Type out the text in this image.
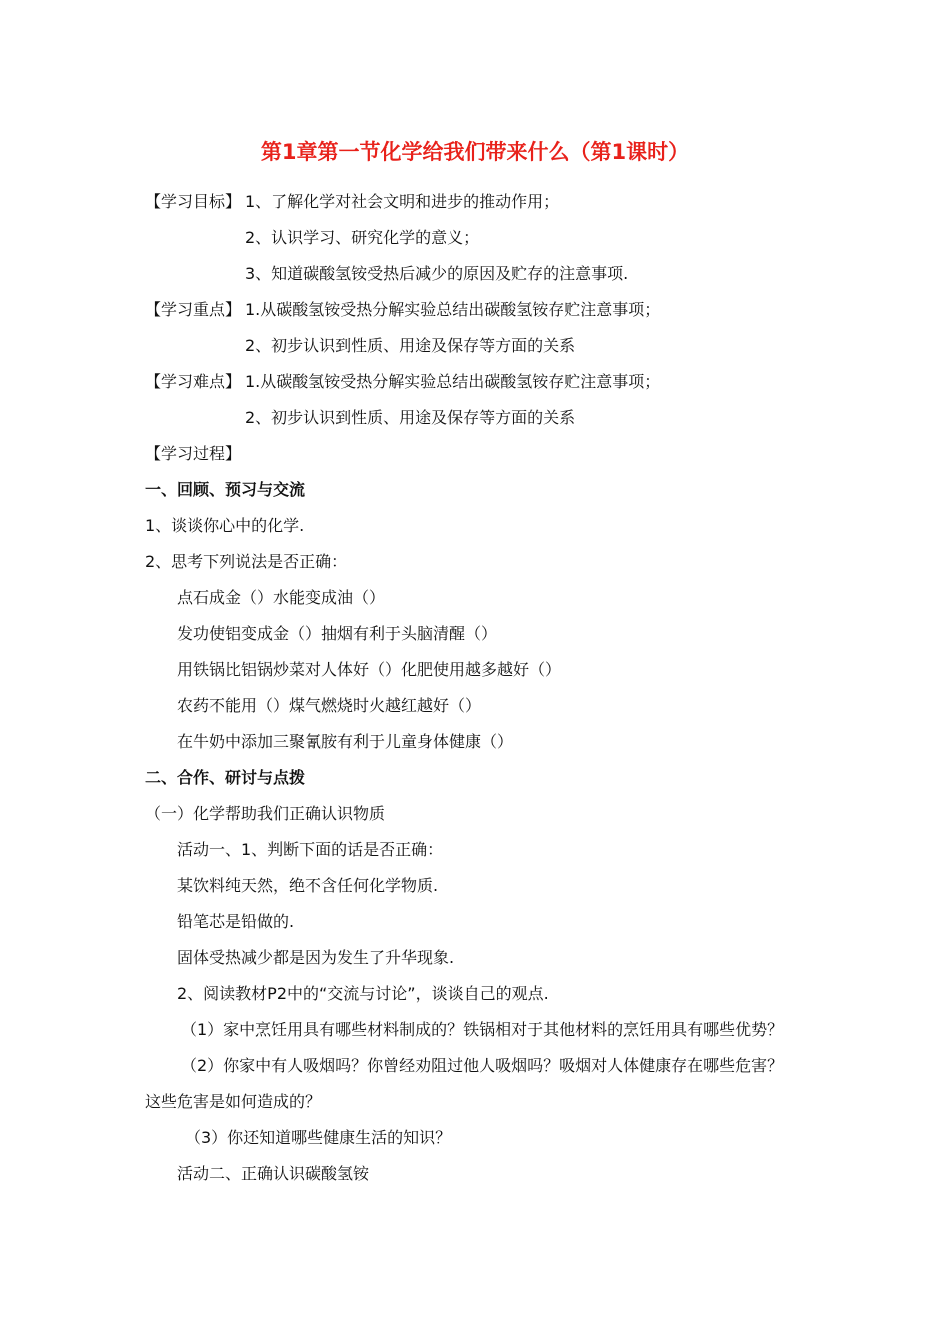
第1章第一节化学给我们带来什么（第1课时）
【学习目标】 1、了解化学对社会文明和进步的推动作用；
2、认识学习、研究化学的意义；
3、知道碳酸氢铵受热后减少的原因及贮存的注意事项.
【学习重点】 1.从碳酸氢铵受热分解实验总结出碳酸氢铵存贮注意事项；
2、初步认识到性质、用途及保存等方面的关系
【学习难点】 1.从碳酸氢铵受热分解实验总结出碳酸氢铵存贮注意事项；
2、初步认识到性质、用途及保存等方面的关系
【学习过程】
一、回顾、预习与交流
1、谈谈你心中的化学.
2、思考下列说法是否正确：
点石成金（）水能变成油（）
发功使铝变成金（）抽烟有利于头脑清醒（）
用铁锅比铝锅炒菜对人体好（）化肥使用越多越好（）
农药不能用（）煤气燃烧时火越红越好（）
在牛奶中添加三聚氰胺有利于儿童身体健康（）
二、合作、研讨与点拨
（一）化学帮助我们正确认识物质
活动一、1、判断下面的话是否正确：
某饮料纯天然，绝不含任何化学物质.
铅笔芯是铅做的.
固体受热减少都是因为发生了升华现象.
2、阅读教材P2中的“交流与讨论”，谈谈自己的观点.
（1）家中烹饪用具有哪些材料制成的？铁锅相对于其他材料的烹饪用具有哪些优势？
（2）你家中有人吸烟吗？你曾经劝阻过他人吸烟吗？吸烟对人体健康存在哪些危害？
这些危害是如何造成的？
（3）你还知道哪些健康生活的知识？
活动二、正确认识碳酸氢铵
